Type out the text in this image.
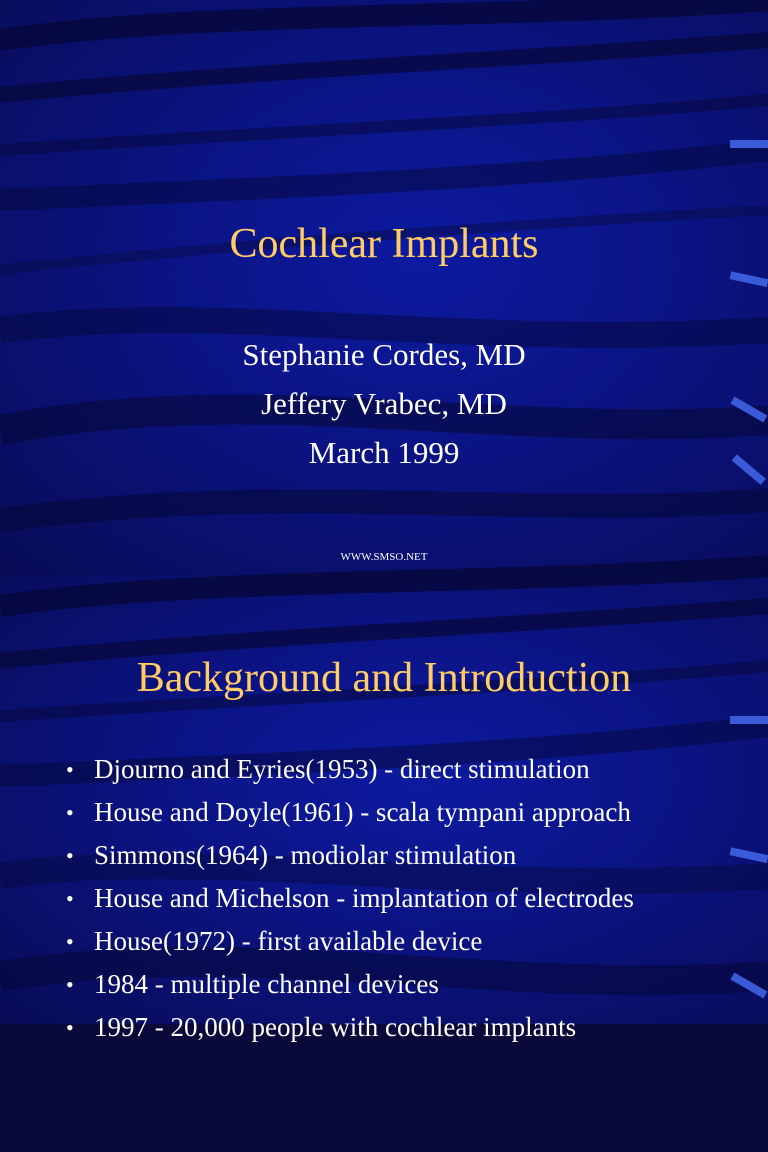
Cochlear Implants
Stephanie Cordes, MD
Jeffery Vrabec, MD
March 1999
WWW.SMSO.NET
Background and Introduction
• Djourno and Eyries(1953) - direct stimulation
• House and Doyle(1961) - scala tympani approach
• Simmons(1964) - modiolar stimulation
• House and Michelson - implantation of electrodes
• House(1972) - first available device
• 1984 - multiple channel devices
• 1997 - 20,000 people with cochlear implants
